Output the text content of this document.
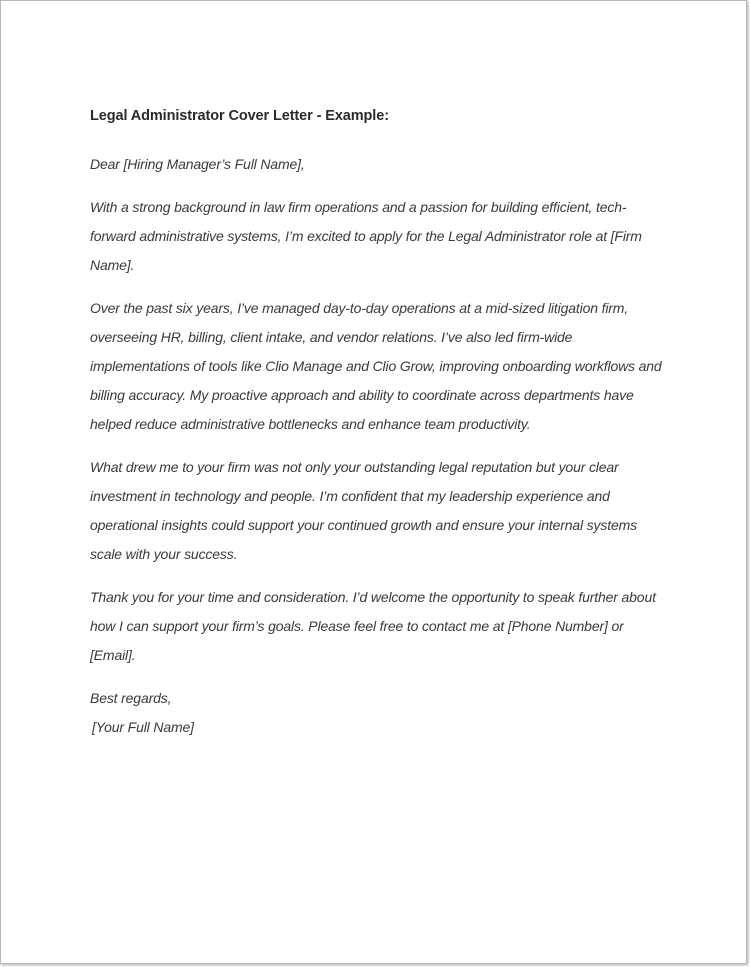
Legal Administrator Cover Letter - Example:

Dear [Hiring Manager’s Full Name],

With a strong background in law firm operations and a passion for building efficient, tech-forward administrative systems, I’m excited to apply for the Legal Administrator role at [Firm Name].

Over the past six years, I’ve managed day-to-day operations at a mid-sized litigation firm, overseeing HR, billing, client intake, and vendor relations. I’ve also led firm-wide implementations of tools like Clio Manage and Clio Grow, improving onboarding workflows and billing accuracy. My proactive approach and ability to coordinate across departments have helped reduce administrative bottlenecks and enhance team productivity.

What drew me to your firm was not only your outstanding legal reputation but your clear investment in technology and people. I’m confident that my leadership experience and operational insights could support your continued growth and ensure your internal systems scale with your success.

Thank you for your time and consideration. I’d welcome the opportunity to speak further about how I can support your firm’s goals. Please feel free to contact me at [Phone Number] or [Email].

Best regards,
[Your Full Name]
